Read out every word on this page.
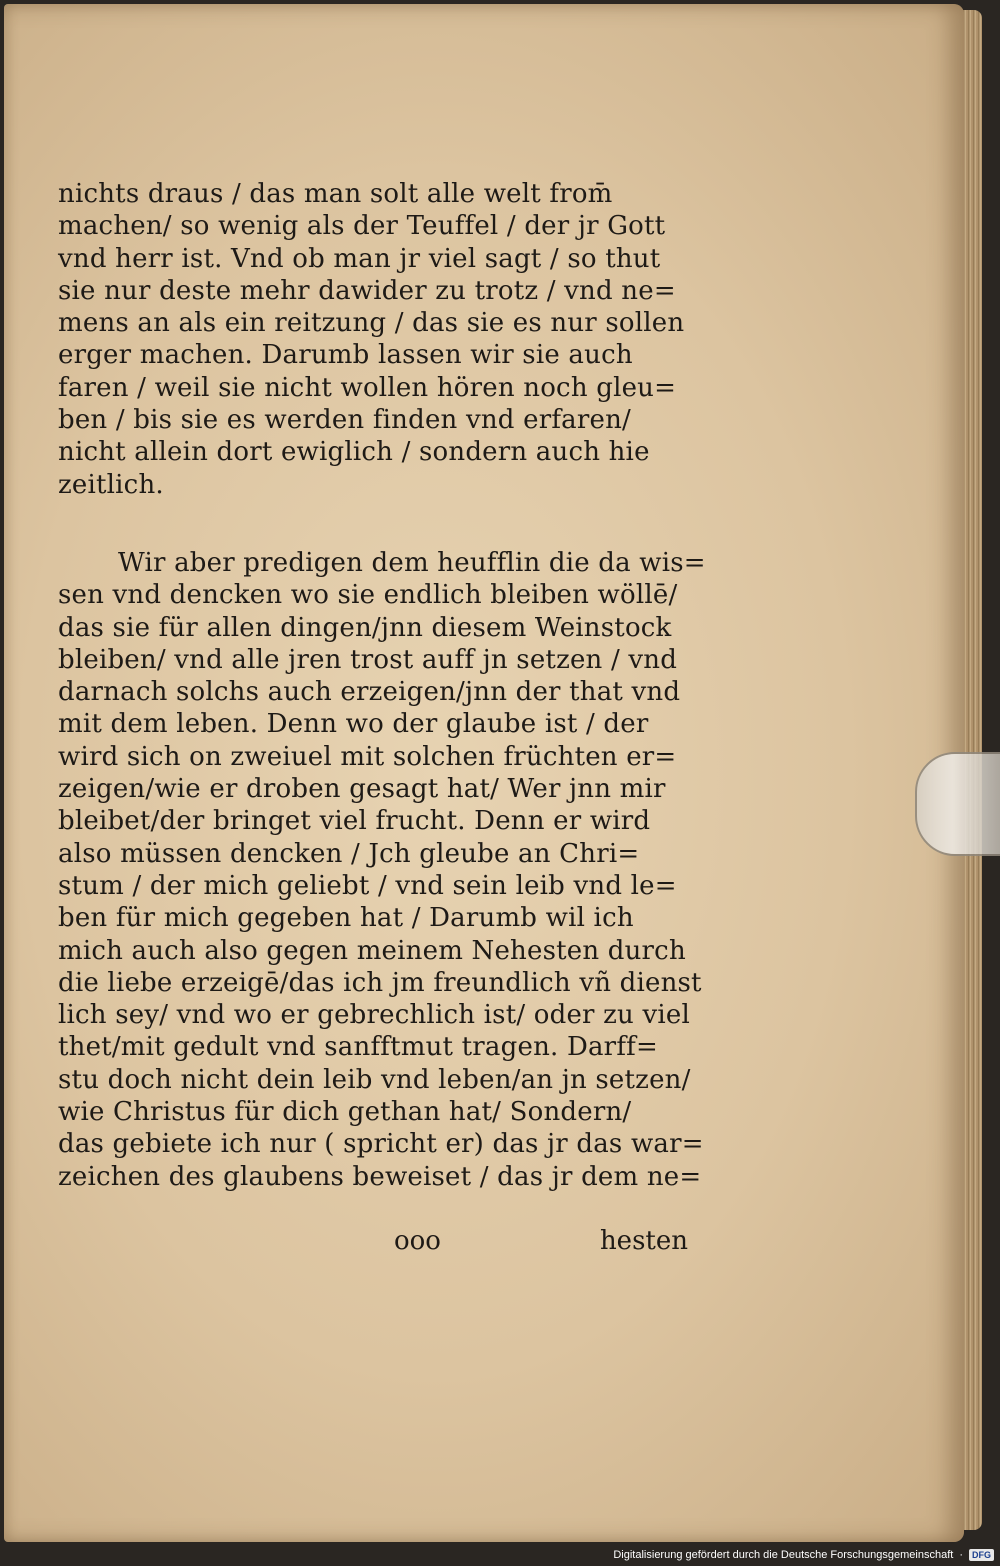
nichts draus / das man solt alle welt from̄
machen/ so wenig als der Teuffel / der jr Gott
vnd herr ist. Vnd ob man jr viel sagt / so thut
sie nur deste mehr dawider zu trotz / vnd ne=
mens an als ein reitzung / das sie es nur sollen
erger machen. Darumb lassen wir sie auch
faren / weil sie nicht wollen hören noch gleu=
ben / bis sie es werden finden vnd erfaren/
nicht allein dort ewiglich / sondern auch hie
zeitlich.
Wir aber predigen dem heufflin die da wis=
sen vnd dencken wo sie endlich bleiben wöllē/
das sie für allen dingen/jnn diesem Weinstock
bleiben/ vnd alle jren trost auff jn setzen / vnd
darnach solchs auch erzeigen/jnn der that vnd
mit dem leben. Denn wo der glaube ist / der
wird sich on zweiuel mit solchen früchten er=
zeigen/wie er droben gesagt hat/ Wer jnn mir
bleibet/der bringet viel frucht. Denn er wird
also müssen dencken / Jch gleube an Chri=
stum / der mich geliebt / vnd sein leib vnd le=
ben für mich gegeben hat / Darumb wil ich
mich auch also gegen meinem Nehesten durch
die liebe erzeigē/das ich jm freundlich vñ dienst
lich sey/ vnd wo er gebrechlich ist/ oder zu viel
thet/mit gedult vnd sanfftmut tragen. Darff=
stu doch nicht dein leib vnd leben/an jn setzen/
wie Christus für dich gethan hat/ Sondern/
das gebiete ich nur ( spricht er) das jr das war=
zeichen des glaubens beweiset / das jr dem ne=
ooo	hesten
Digitalisierung gefördert durch die Deutsche Forschungsgemeinschaft ·	DFG
